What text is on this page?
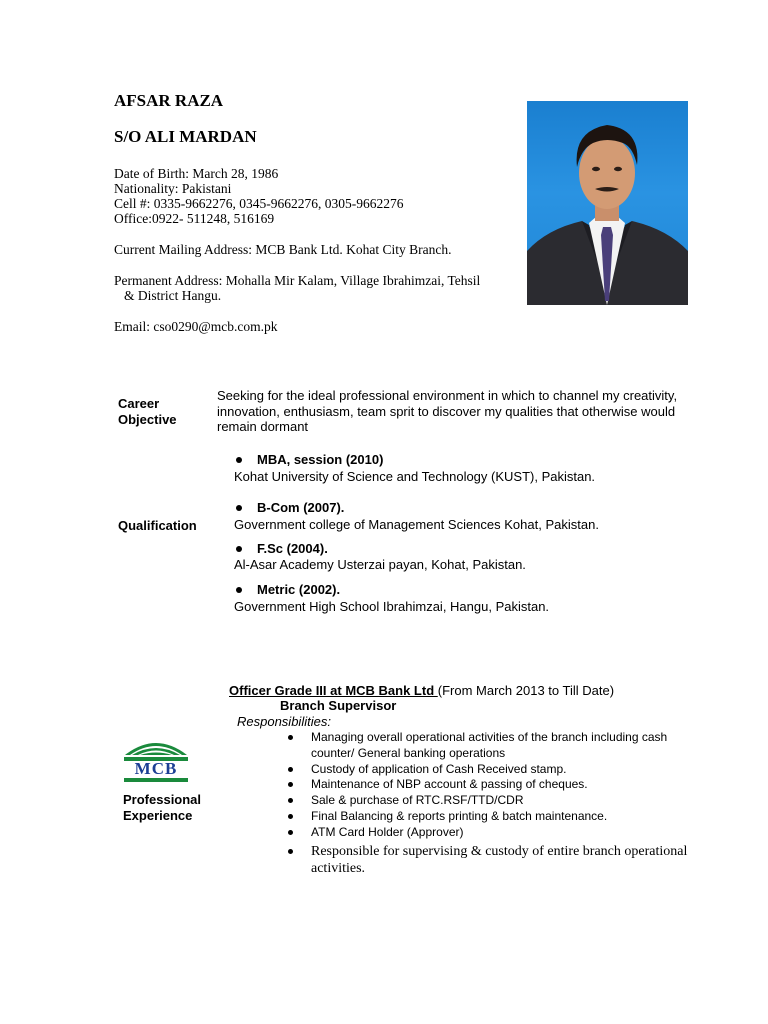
AFSAR RAZA
S/O ALI MARDAN
Date of Birth: March 28, 1986
Nationality: Pakistani
Cell #: 0335-9662276, 0345-9662276, 0305-9662276
Office:0922- 511248, 516169
Current Mailing Address: MCB Bank Ltd. Kohat City Branch.
Permanent Address: Mohalla Mir Kalam, Village Ibrahimzai, Tehsil
& District Hangu.
Email: cso0290@mcb.com.pk
Career
Objective
Seeking for the ideal professional environment in which to channel my creativity, innovation, enthusiasm, team sprit to discover my qualities that otherwise would remain dormant
Qualification
MBA, session (2010)
Kohat University of Science and Technology (KUST), Pakistan.
B-Com (2007).
Government college of Management Sciences Kohat, Pakistan.
F.Sc (2004).
Al-Asar Academy Usterzai payan, Kohat, Pakistan.
Metric (2002).
Government High School Ibrahimzai, Hangu, Pakistan.
Officer Grade III at MCB Bank Ltd (From March 2013 to Till Date)
Branch Supervisor
Responsibilities:
Managing overall operational activities of the branch including cash counter/ General banking operations
Custody of application of Cash Received stamp.
Maintenance of NBP account & passing of cheques.
Sale & purchase of RTC.RSF/TTD/CDR
Final Balancing & reports printing & batch maintenance.
ATM Card Holder (Approver)
Responsible for supervising & custody of entire branch operational activities.
MCB
Professional
Experience
